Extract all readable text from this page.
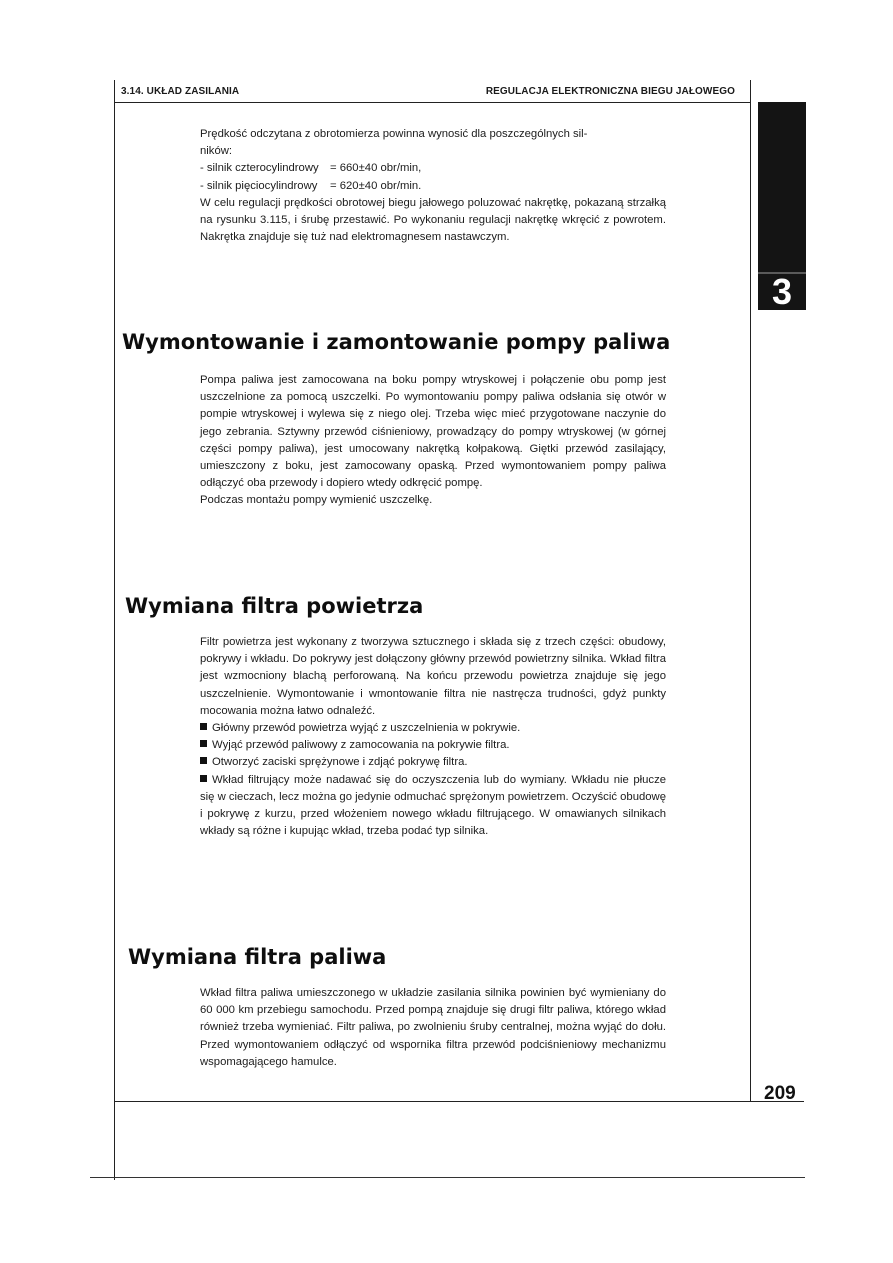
3.14. UKŁAD ZASILANIA	REGULACJA ELEKTRONICZNA BIEGU JAŁOWEGO
3
209

Prędkość odczytana z obrotomierza powinna wynosić dla poszczególnych sil-

ników:

- silnik czterocylindrowy = 660±40 obr/min,

- silnik pięciocylindrowy = 620±40 obr/min.

W celu regulacji prędkości obrotowej biegu jałowego poluzować nakrętkę, pokazaną strzałką na rysunku 3.115, i śrubę przestawić. Po wykonaniu regulacji nakrętkę wkręcić z powrotem. Nakrętka znajduje się tuż nad elektromagnesem nastawczym.

Wymontowanie i zamontowanie pompy paliwa

Pompa paliwa jest zamocowana na boku pompy wtryskowej i połączenie obu pomp jest uszczelnione za pomocą uszczelki. Po wymontowaniu pompy paliwa odsłania się otwór w pompie wtryskowej i wylewa się z niego olej. Trzeba więc mieć przygotowane naczynie do jego zebrania. Sztywny przewód ciśnieniowy, prowadzący do pompy wtryskowej (w górnej części pompy paliwa), jest umocowany nakrętką kołpakową. Giętki przewód zasilający, umieszczony z boku, jest zamocowany opaską. Przed wymontowaniem pompy paliwa odłączyć oba przewody i dopiero wtedy odkręcić pompę.

Podczas montażu pompy wymienić uszczelkę.

Wymiana filtra powietrza

Filtr powietrza jest wykonany z tworzywa sztucznego i składa się z trzech części: obudowy, pokrywy i wkładu. Do pokrywy jest dołączony główny przewód powietrzny silnika. Wkład filtra jest wzmocniony blachą perforowaną. Na końcu przewodu powietrza znajduje się jego uszczelnienie. Wymontowanie i wmontowanie filtra nie nastręcza trudności, gdyż punkty mocowania można łatwo odnaleźć.

Główny przewód powietrza wyjąć z uszczelnienia w pokrywie.

Wyjąć przewód paliwowy z zamocowania na pokrywie filtra.

Otworzyć zaciski sprężynowe i zdjąć pokrywę filtra.

Wkład filtrujący może nadawać się do oczyszczenia lub do wymiany. Wkładu nie płucze się w cieczach, lecz można go jedynie odmuchać sprężonym powietrzem. Oczyścić obudowę i pokrywę z kurzu, przed włożeniem nowego wkładu filtrującego. W omawianych silnikach wkłady są różne i kupując wkład, trzeba podać typ silnika.

Wymiana filtra paliwa

Wkład filtra paliwa umieszczonego w układzie zasilania silnika powinien być wymieniany do 60 000 km przebiegu samochodu. Przed pompą znajduje się drugi filtr paliwa, którego wkład również trzeba wymieniać. Filtr paliwa, po zwolnieniu śruby centralnej, można wyjąć do dołu. Przed wymontowaniem odłączyć od wspornika filtra przewód podciśnieniowy mechanizmu wspomagającego hamulce.
